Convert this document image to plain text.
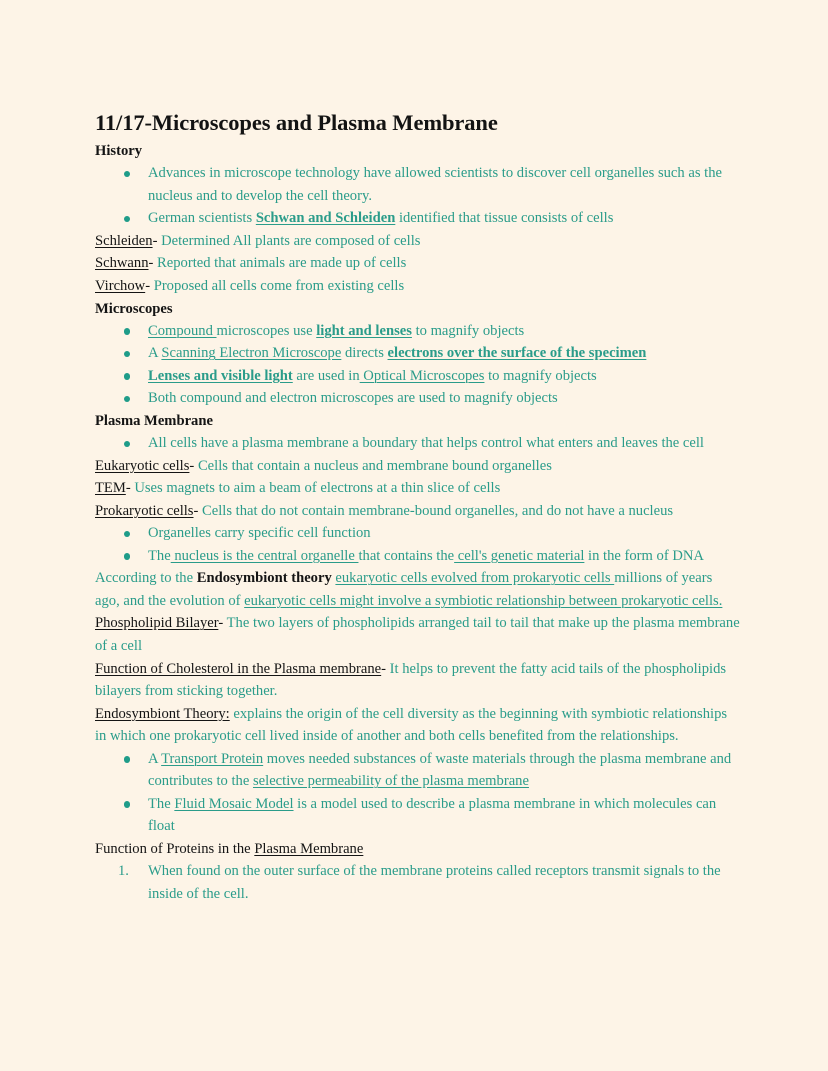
11/17-Microscopes and Plasma Membrane
History
Advances in microscope technology have allowed scientists to discover cell organelles such as the nucleus and to develop the cell theory.
German scientists Schwan and Schleiden identified that tissue consists of cells

Schleiden- Determined All plants are composed of cells

Schwann- Reported that animals are made up of cells

Virchow- Proposed all cells come from existing cells

Microscopes
Compound microscopes use light and lenses to magnify objects
A Scanning Electron Microscope directs electrons over the surface of the specimen
Lenses and visible light are used in Optical Microscopes to magnify objects
Both compound and electron microscopes are used to magnify objects
Plasma Membrane
All cells have a plasma membrane a boundary that helps control what enters and leaves the cell

Eukaryotic cells- Cells that contain a nucleus and membrane bound organelles

TEM- Uses magnets to aim a beam of electrons at a thin slice of cells

Prokaryotic cells- Cells that do not contain membrane-bound organelles, and do not have a nucleus

Organelles carry specific cell function
The nucleus is the central organelle that contains the cell's genetic material in the form of DNA

According to the Endosymbiont theory eukaryotic cells evolved from prokaryotic cells millions of years ago, and the evolution of eukaryotic cells might involve a symbiotic relationship between prokaryotic cells.

Phospholipid Bilayer- The two layers of phospholipids arranged tail to tail that make up the plasma membrane of a cell

Function of Cholesterol in the Plasma membrane- It helps to prevent the fatty acid tails of the phospholipids bilayers from sticking together.

Endosymbiont Theory: explains the origin of the cell diversity as the beginning with symbiotic relationships in which one prokaryotic cell lived inside of another and both cells benefited from the relationships.

A Transport Protein moves needed substances of waste materials through the plasma membrane and contributes to the selective permeability of the plasma membrane
The Fluid Mosaic Model is a model used to describe a plasma membrane in which molecules can float

Function of Proteins in the Plasma Membrane

When found on the outer surface of the membrane proteins called receptors transmit signals to the inside of the cell.
